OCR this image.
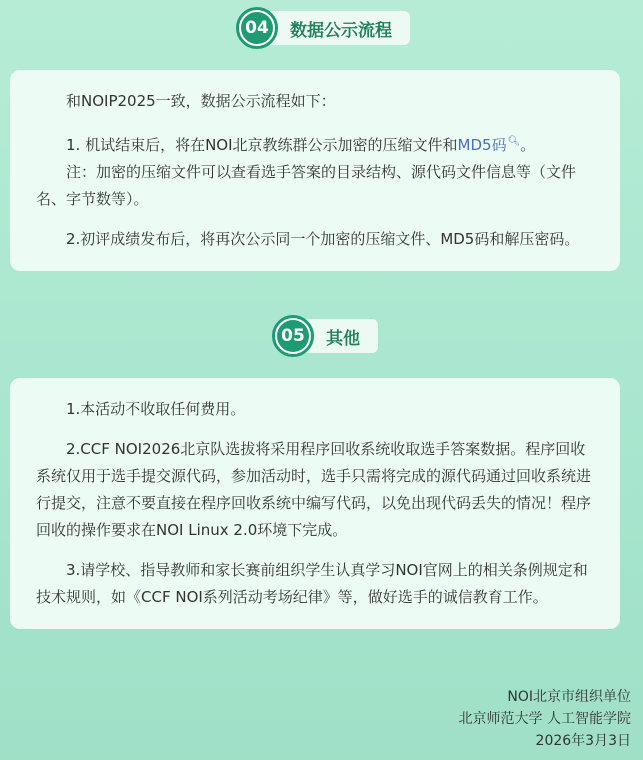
04	数据公示流程

和NOIP2025一致，数据公示流程如下：

1. 机试结束后，将在NOI北京教练群公示加密的压缩文件和MD5码🔍︎。

注：加密的压缩文件可以查看选手答案的目录结构、源代码文件信息等（文件名、字节数等）。

2.初评成绩发布后，将再次公示同一个加密的压缩文件、MD5码和解压密码。

05	其他

1.本活动不收取任何费用。

2.CCF NOI2026北京队选拔将采用程序回收系统收取选手答案数据。程序回收系统仅用于选手提交源代码，参加活动时，选手只需将完成的源代码通过回收系统进行提交，注意不要直接在程序回收系统中编写代码，以免出现代码丢失的情况！程序回收的操作要求在NOI Linux 2.0环境下完成。

3.请学校、指导教师和家长赛前组织学生认真学习NOI官网上的相关条例规定和技术规则，如《CCF NOI系列活动考场纪律》等，做好选手的诚信教育工作。

NOI北京市组织单位
北京师范大学 人工智能学院
2026年3月3日
